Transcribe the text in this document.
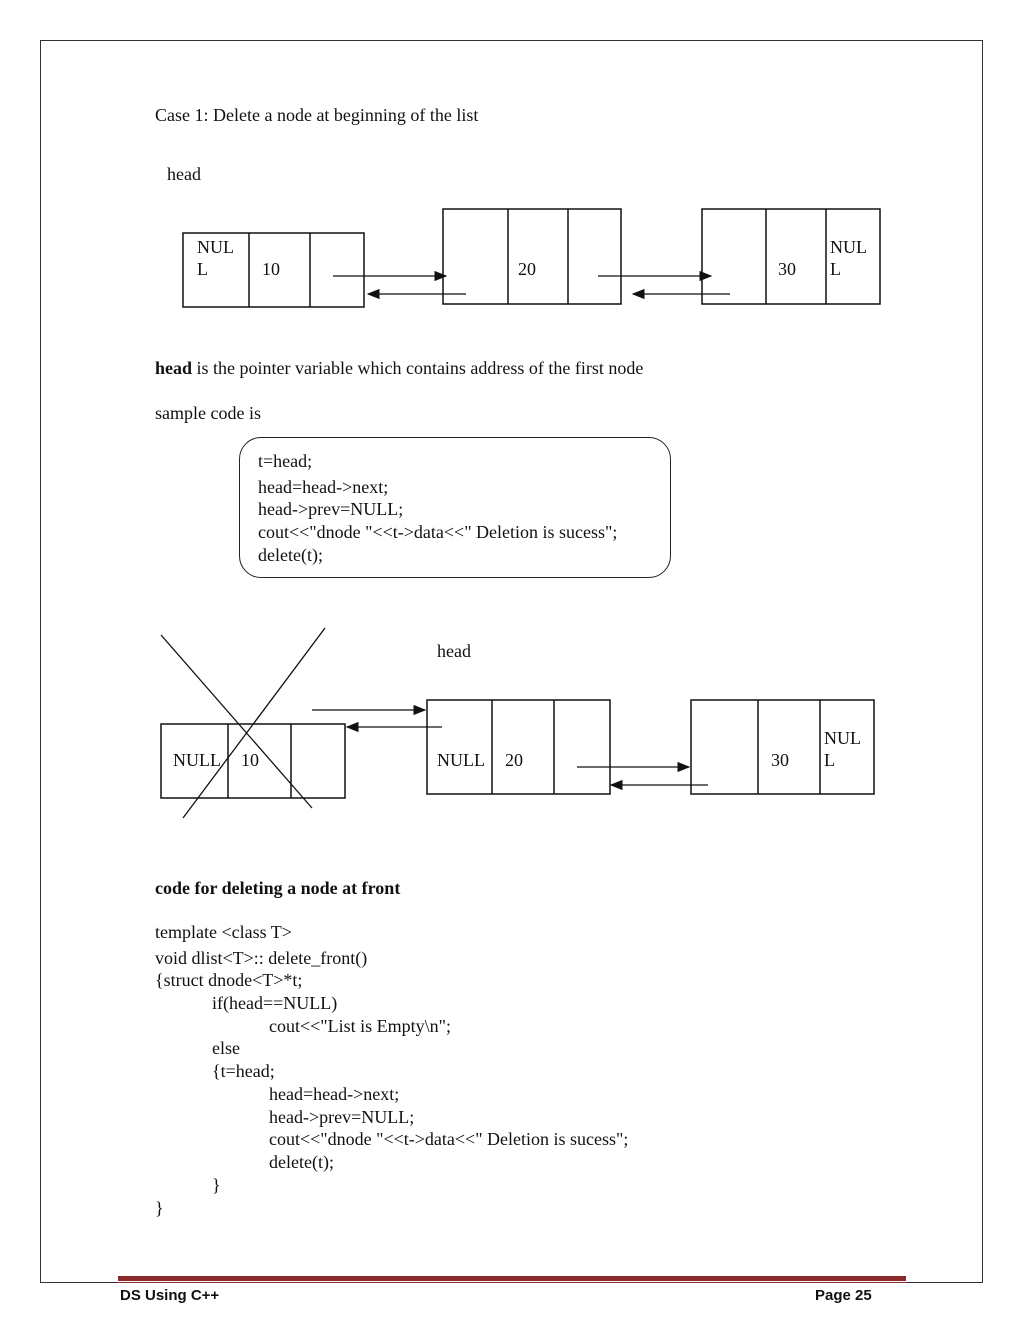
Case 1: Delete a node at beginning of the list
head
NUL
L	10	20	30
NUL
L
head is the pointer variable which contains address of the first node
sample code is
t=head;
head=head->next;
head->prev=NULL;
cout<<"dnode "<<t->data<<" Deletion is sucess";
delete(t);
head
NULL 10	NULL 20	30
NUL
L
code for deleting a node at front
template <class T>
void dlist<T>:: delete_front()
{struct dnode<T>*t;
if(head==NULL)
cout<<"List is Empty\n";
else
{t=head;
head=head->next;
head->prev=NULL;
cout<<"dnode "<<t->data<<" Deletion is sucess";
delete(t);
}
}
DS Using C++	Page 25
